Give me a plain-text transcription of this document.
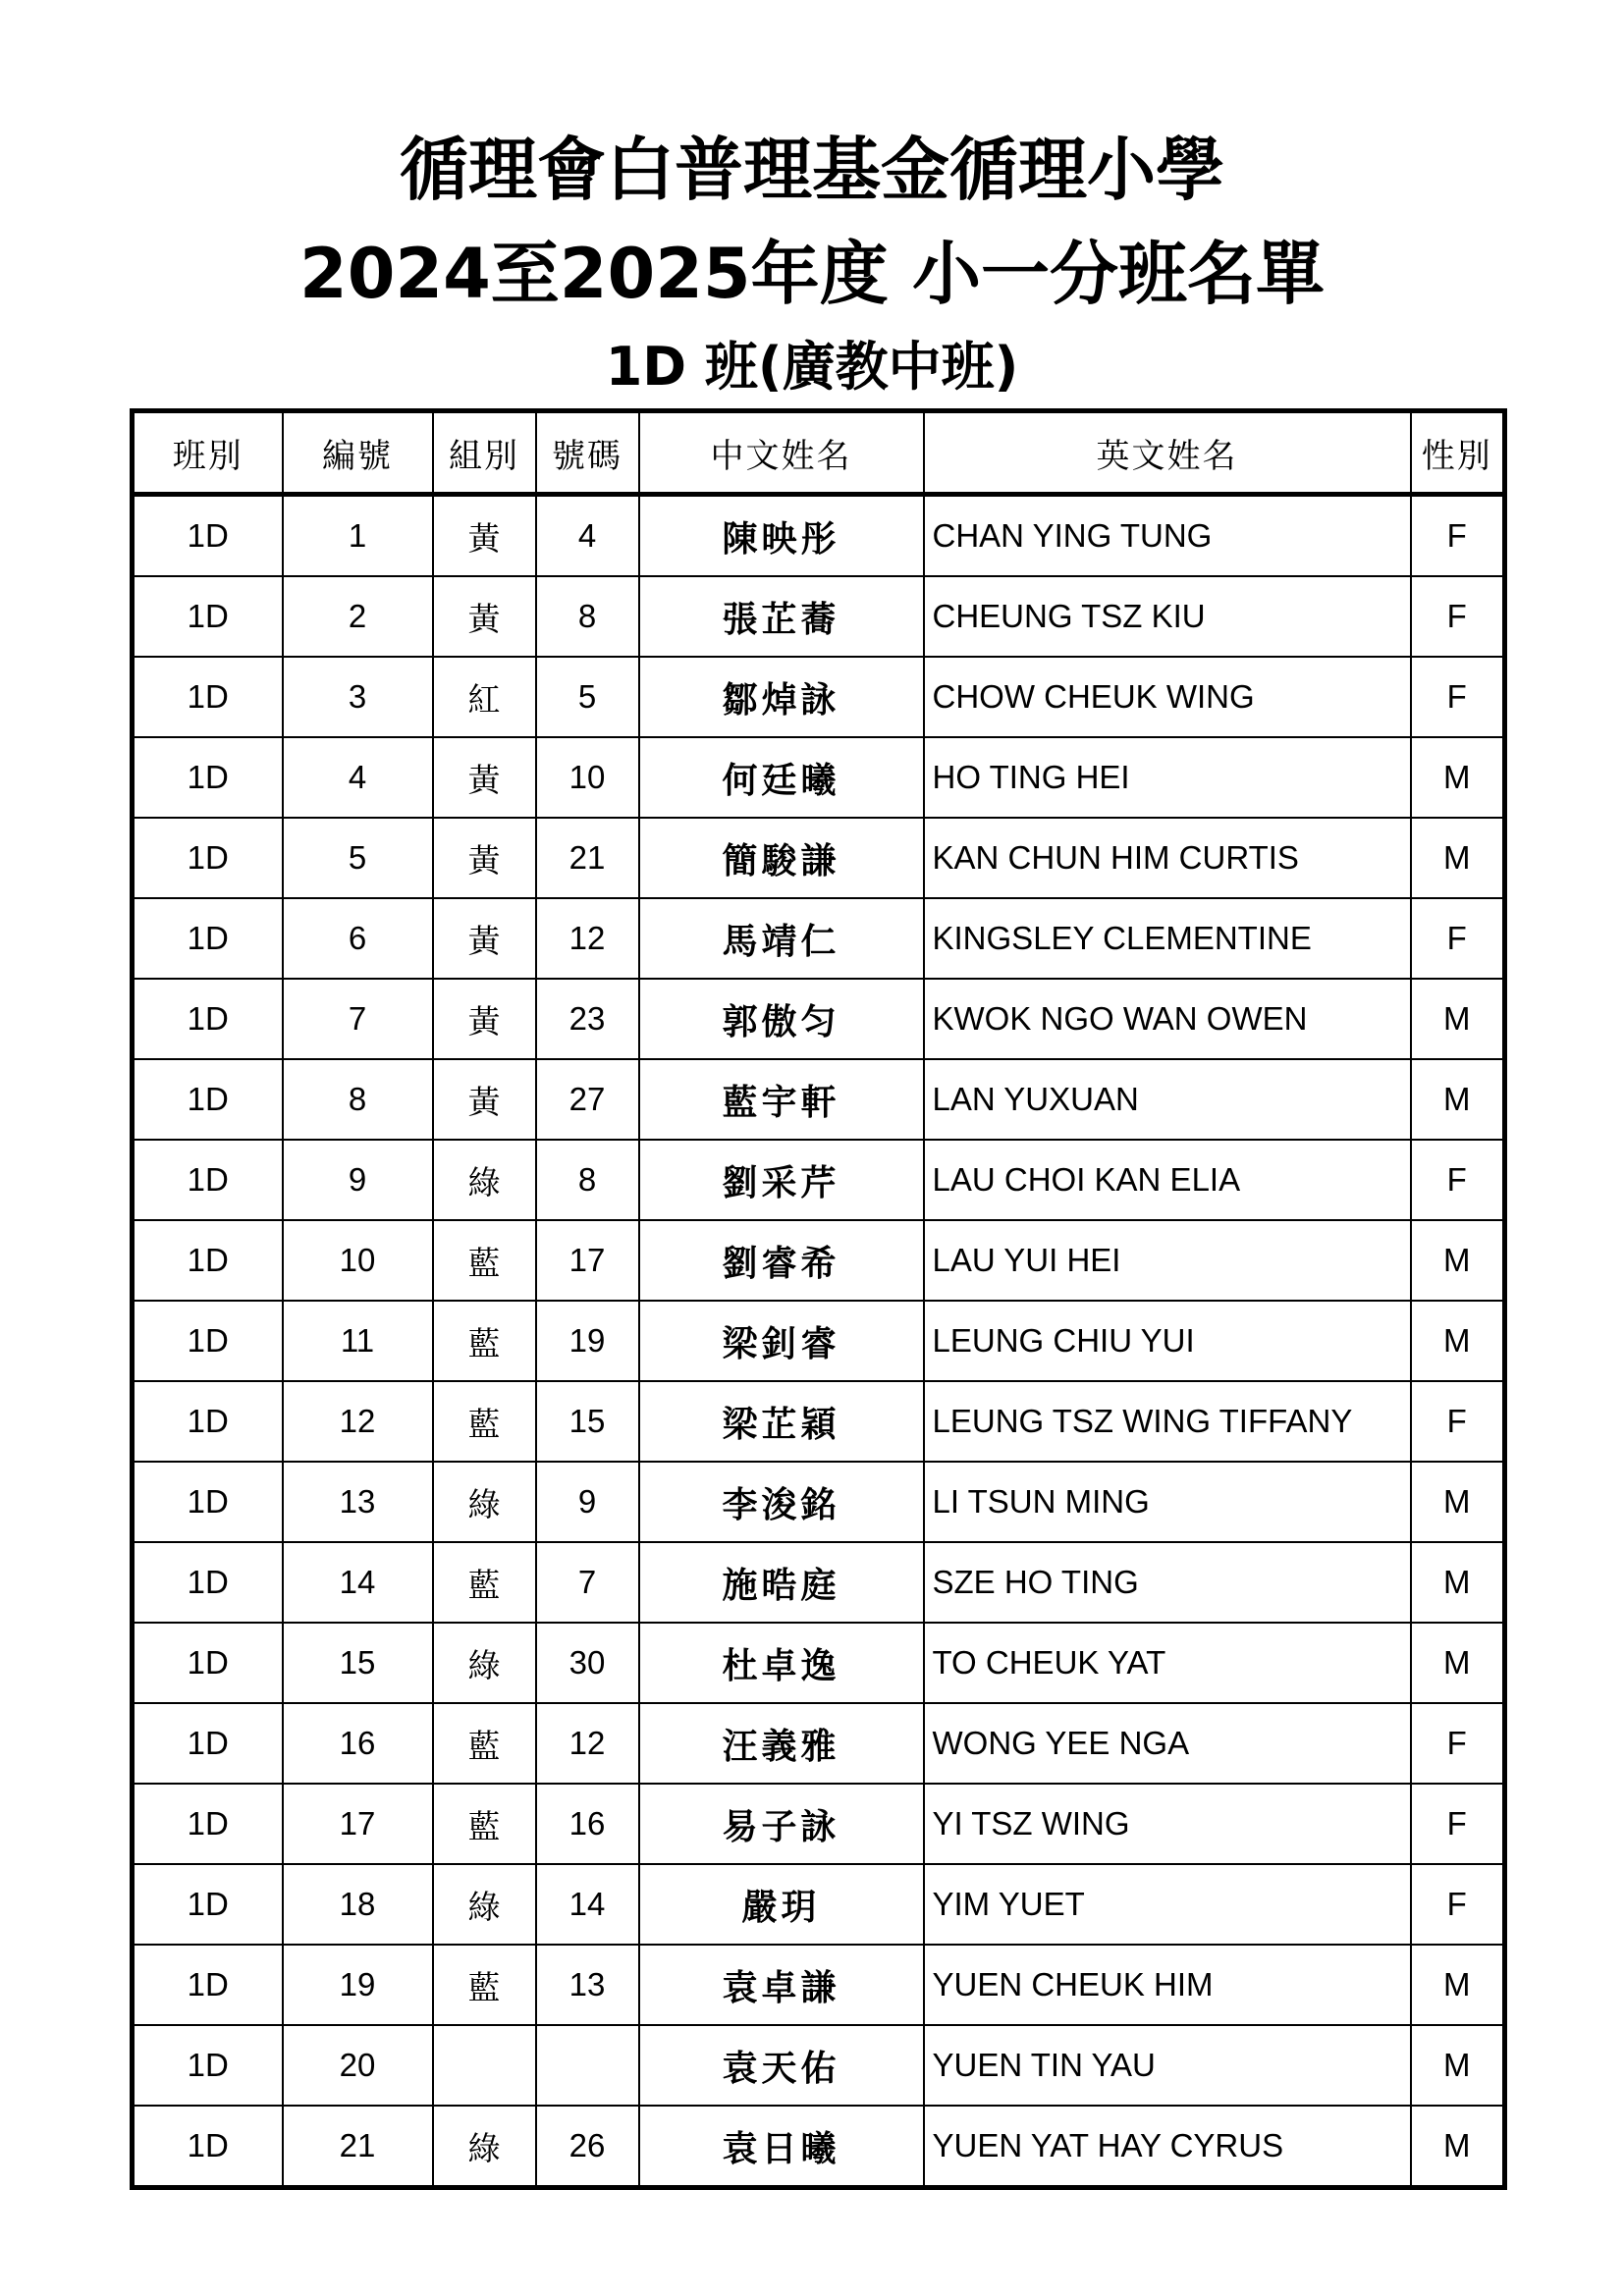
循理會白普理基金循理小學
2024至2025年度 小一分班名單
1D 班(廣教中班)
班別	編號	組別	號碼	中文姓名	英文姓名	性別
1D	1	黃	4	陳映彤	CHAN YING TUNG	F
1D	2	黃	8	張芷蕎	CHEUNG TSZ KIU	F
1D	3	紅	5	鄒焯詠	CHOW CHEUK WING	F
1D	4	黃	10	何廷曦	HO TING HEI	M
1D	5	黃	21	簡駿謙	KAN CHUN HIM CURTIS	M
1D	6	黃	12	馬靖仁	KINGSLEY CLEMENTINE	F
1D	7	黃	23	郭傲匀	KWOK NGO WAN OWEN	M
1D	8	黃	27	藍宇軒	LAN YUXUAN	M
1D	9	綠	8	劉采芹	LAU CHOI KAN ELIA	F
1D	10	藍	17	劉睿希	LAU YUI HEI	M
1D	11	藍	19	梁釗睿	LEUNG CHIU YUI	M
1D	12	藍	15	梁芷穎	LEUNG TSZ WING TIFFANY	F
1D	13	綠	9	李浚銘	LI TSUN MING	M
1D	14	藍	7	施晧庭	SZE HO TING	M
1D	15	綠	30	杜卓逸	TO CHEUK YAT	M
1D	16	藍	12	汪義雅	WONG YEE NGA	F
1D	17	藍	16	易子詠	YI TSZ WING	F
1D	18	綠	14	嚴玥	YIM YUET	F
1D	19	藍	13	袁卓謙	YUEN CHEUK HIM	M
1D	20			袁天佑	YUEN TIN YAU	M
1D	21	綠	26	袁日曦	YUEN YAT HAY CYRUS	M
